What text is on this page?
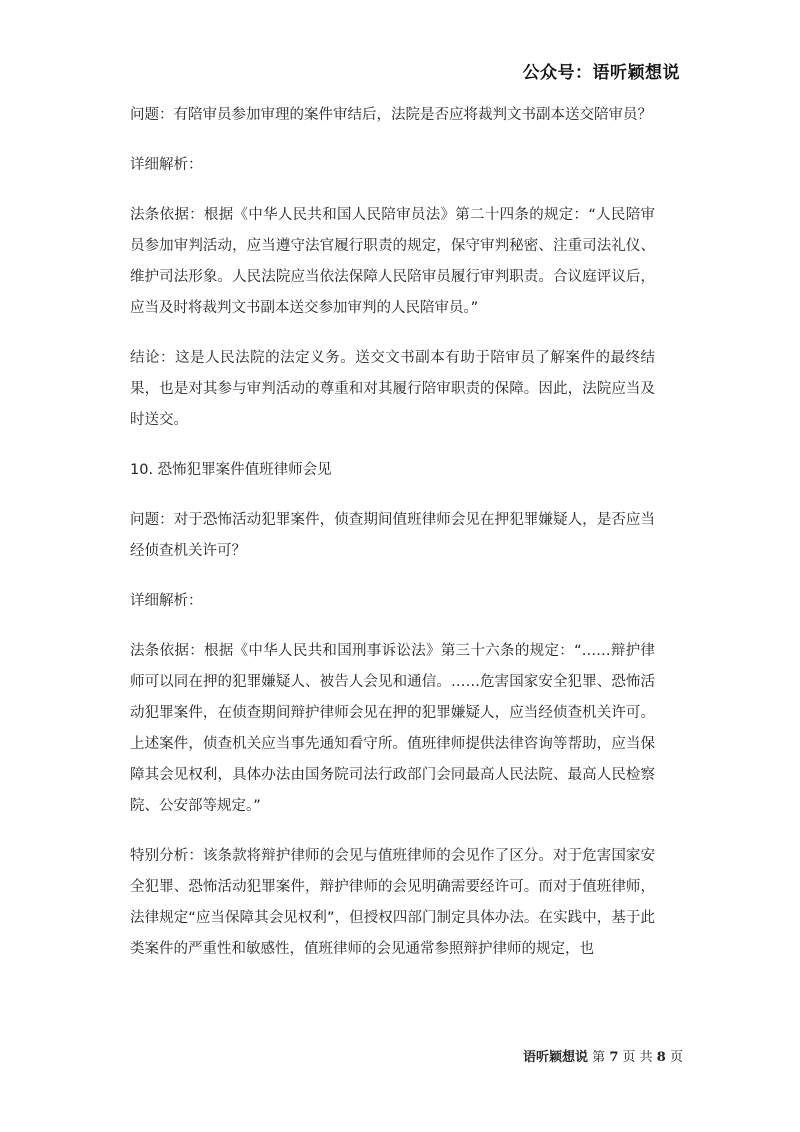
公众号：语听颖想说

问题：有陪审员参加审理的案件审结后，法院是否应将裁判文书副本送交陪审员？

详细解析：

法条依据：根据《中华人民共和国人民陪审员法》第二十四条的规定：“人民陪审员参加审判活动，应当遵守法官履行职责的规定，保守审判秘密、注重司法礼仪、维护司法形象。人民法院应当依法保障人民陪审员履行审判职责。合议庭评议后，应当及时将裁判文书副本送交参加审判的人民陪审员。”

结论：这是人民法院的法定义务。送交文书副本有助于陪审员了解案件的最终结果，也是对其参与审判活动的尊重和对其履行陪审职责的保障。因此，法院应当及时送交。

10. 恐怖犯罪案件值班律师会见

问题：对于恐怖活动犯罪案件，侦查期间值班律师会见在押犯罪嫌疑人，是否应当经侦查机关许可？

详细解析：

法条依据：根据《中华人民共和国刑事诉讼法》第三十六条的规定：“……辩护律师可以同在押的犯罪嫌疑人、被告人会见和通信。……危害国家安全犯罪、恐怖活动犯罪案件，在侦查期间辩护律师会见在押的犯罪嫌疑人，应当经侦查机关许可。上述案件，侦查机关应当事先通知看守所。值班律师提供法律咨询等帮助，应当保障其会见权利，具体办法由国务院司法行政部门会同最高人民法院、最高人民检察院、公安部等规定。”

特别分析：该条款将辩护律师的会见与值班律师的会见作了区分。对于危害国家安全犯罪、恐怖活动犯罪案件，辩护律师的会见明确需要经许可。而对于值班律师，法律规定“应当保障其会见权利”，但授权四部门制定具体办法。在实践中，基于此类案件的严重性和敏感性，值班律师的会见通常参照辩护律师的规定，也

语听颖想说 第 7 页 共 8 页
